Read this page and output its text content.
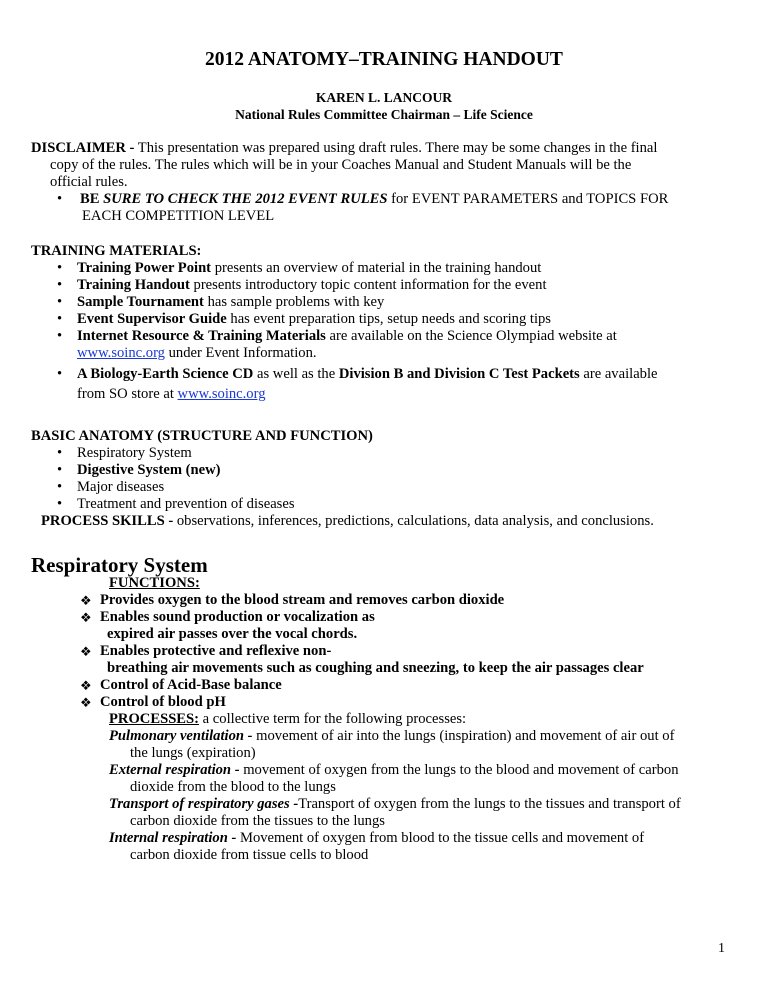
2012 ANATOMY–TRAINING HANDOUT
KAREN L. LANCOUR
National Rules Committee Chairman – Life Science
DISCLAIMER - This presentation was prepared using draft rules. There may be some changes in the final
copy of the rules. The rules which will be in your Coaches Manual and Student Manuals will be the
official rules.
• BE SURE TO CHECK THE 2012 EVENT RULES for EVENT PARAMETERS and TOPICS FOR
EACH COMPETITION LEVEL
TRAINING MATERIALS:
• Training Power Point presents an overview of material in the training handout
• Training Handout presents introductory topic content information for the event
• Sample Tournament has sample problems with key
• Event Supervisor Guide has event preparation tips, setup needs and scoring tips
• Internet Resource & Training Materials are available on the Science Olympiad website at
www.soinc.org under Event Information.
• A Biology-Earth Science CD as well as the Division B and Division C Test Packets are available
from SO store at www.soinc.org
BASIC ANATOMY (STRUCTURE AND FUNCTION)
• Respiratory System
• Digestive System (new)
• Major diseases
• Treatment and prevention of diseases
PROCESS SKILLS - observations, inferences, predictions, calculations, data analysis, and conclusions.
Respiratory System
FUNCTIONS:
❖ Provides oxygen to the blood stream and removes carbon dioxide
❖ Enables sound production or vocalization as
expired air passes over the vocal chords.
❖ Enables protective and reflexive non-
breathing air movements such as coughing and sneezing, to keep the air passages clear
❖ Control of Acid-Base balance
❖ Control of blood pH
PROCESSES: a collective term for the following processes:
Pulmonary ventilation - movement of air into the lungs (inspiration) and movement of air out of
the lungs (expiration)
External respiration - movement of oxygen from the lungs to the blood and movement of carbon
dioxide from the blood to the lungs
Transport of respiratory gases -Transport of oxygen from the lungs to the tissues and transport of
carbon dioxide from the tissues to the lungs
Internal respiration - Movement of oxygen from blood to the tissue cells and movement of
carbon dioxide from tissue cells to blood
1
